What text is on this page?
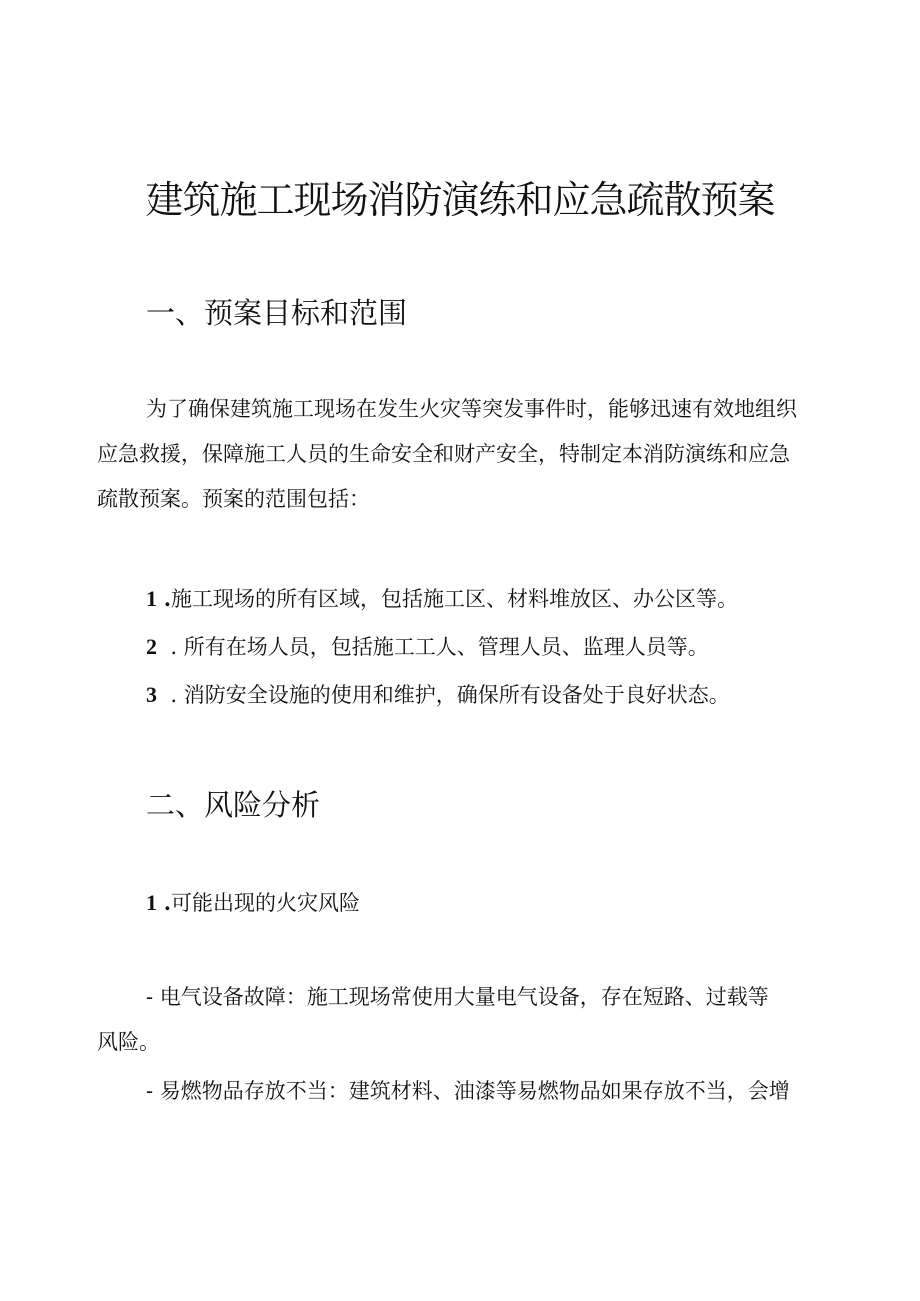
建筑施工现场消防演练和应急疏散预案
一、预案目标和范围

为了确保建筑施工现场在发生火灾等突发事件时，能够迅速有效地组织

应急救援，保障施工人员的生命安全和财产安全，特制定本消防演练和应急

疏散预案。预案的范围包括：

1 .施工现场的所有区域，包括施工区、材料堆放区、办公区等。
2 . 所有在场人员，包括施工工人、管理人员、监理人员等。
3 . 消防安全设施的使用和维护，确保所有设备处于良好状态。
二、风险分析
1 .可能出现的火灾风险

- 电气设备故障：施工现场常使用大量电气设备，存在短路、过载等

风险。

- 易燃物品存放不当：建筑材料、油漆等易燃物品如果存放不当，会增
